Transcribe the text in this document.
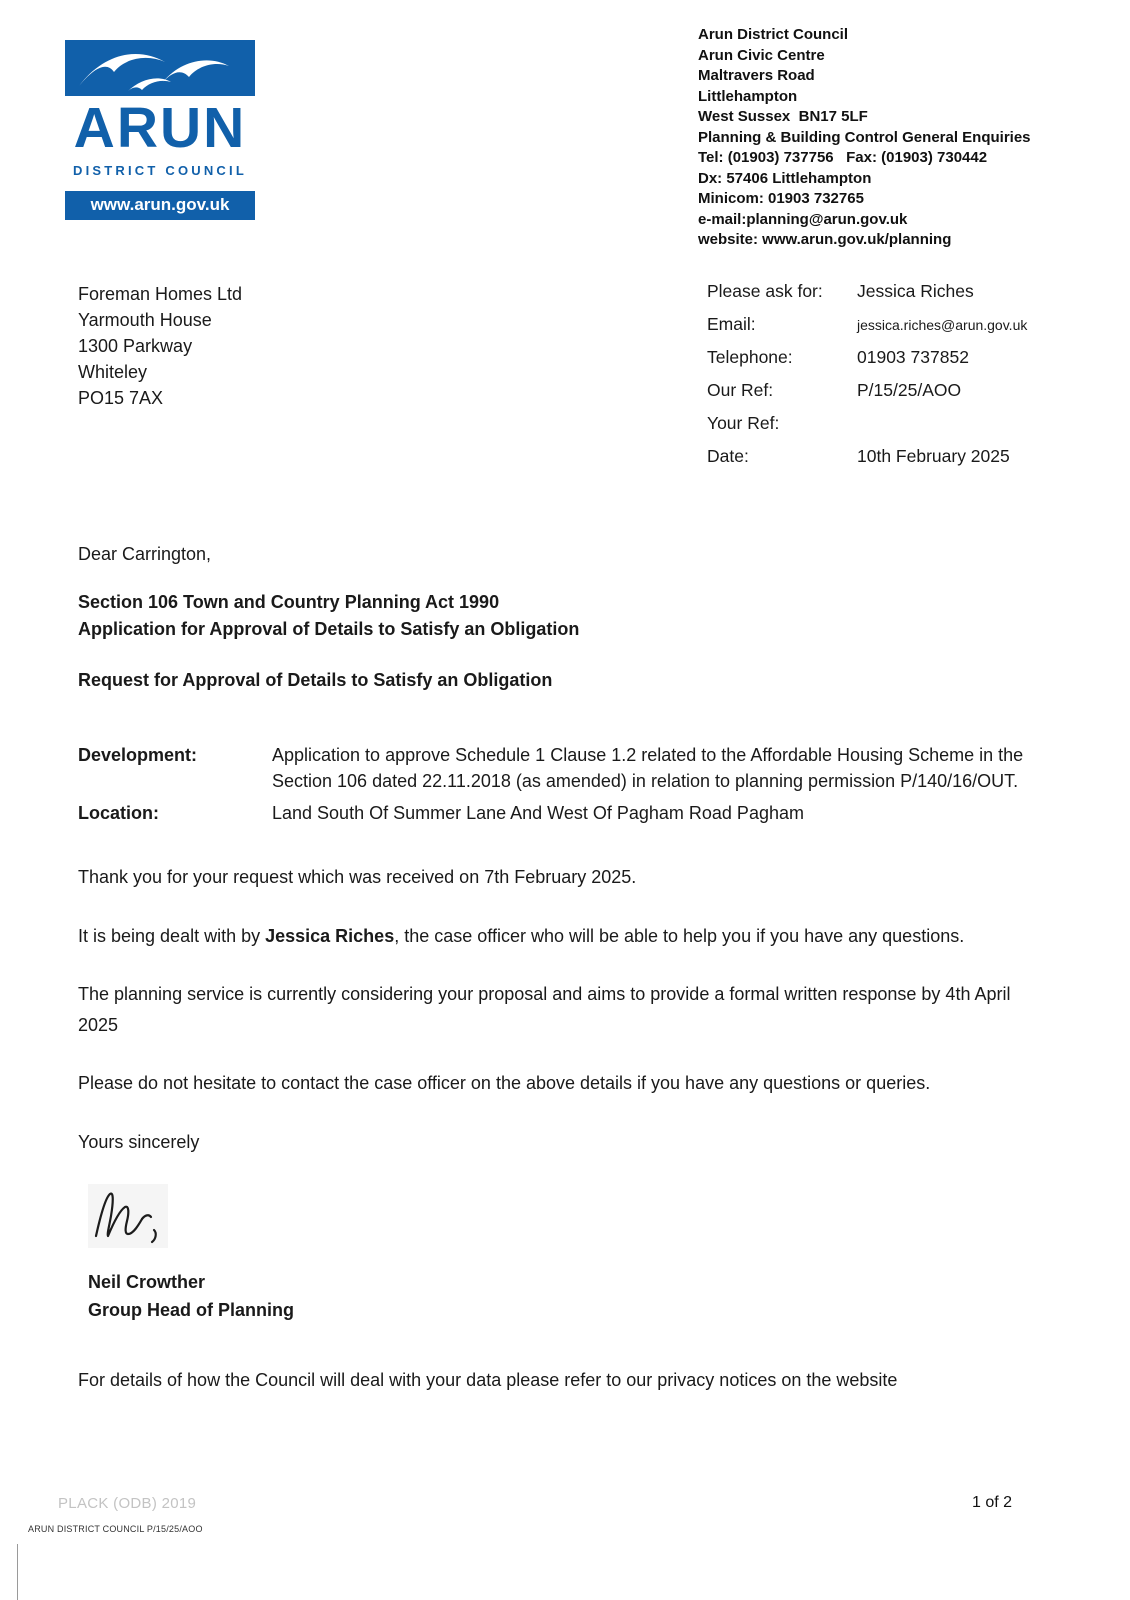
ARUN
DISTRICT COUNCIL
www.arun.gov.uk
Arun District Council
Arun Civic Centre
Maltravers Road
Littlehampton
West Sussex  BN17 5LF
Planning & Building Control General Enquiries
Tel: (01903) 737756   Fax: (01903) 730442
Dx: 57406 Littlehampton
Minicom: 01903 732765
e-mail:planning@arun.gov.uk
website: www.arun.gov.uk/planning
Foreman Homes Ltd
Yarmouth House
1300 Parkway
Whiteley
PO15 7AX
Please ask for:	Jessica Riches
Email:	jessica.riches@arun.gov.uk
Telephone:	01903 737852
Our Ref:	P/15/25/AOO
Your Ref:
Date:	10th February 2025

Dear Carrington,

Section 106 Town and Country Planning Act 1990
Application for Approval of Details to Satisfy an Obligation

Request for Approval of Details to Satisfy an Obligation

Development:	Application to approve Schedule 1 Clause 1.2 related to the Affordable Housing Scheme in the Section 106 dated 22.11.2018 (as amended) in relation to planning permission P/140/16/OUT.
Location:	Land South Of Summer Lane And West Of Pagham Road Pagham

Thank you for your request which was received on 7th February 2025.

It is being dealt with by Jessica Riches, the case officer who will be able to help you if you have any questions.

The planning service is currently considering your proposal and aims to provide a formal written response by 4th April 2025

Please do not hesitate to contact the case officer on the above details if you have any questions or queries.

Yours sincerely

Neil Crowther
Group Head of Planning

For details of how the Council will deal with your data please refer to our privacy notices on the website

PLACK (ODB) 2019	1 of 2
ARUN DISTRICT COUNCIL P/15/25/AOO
